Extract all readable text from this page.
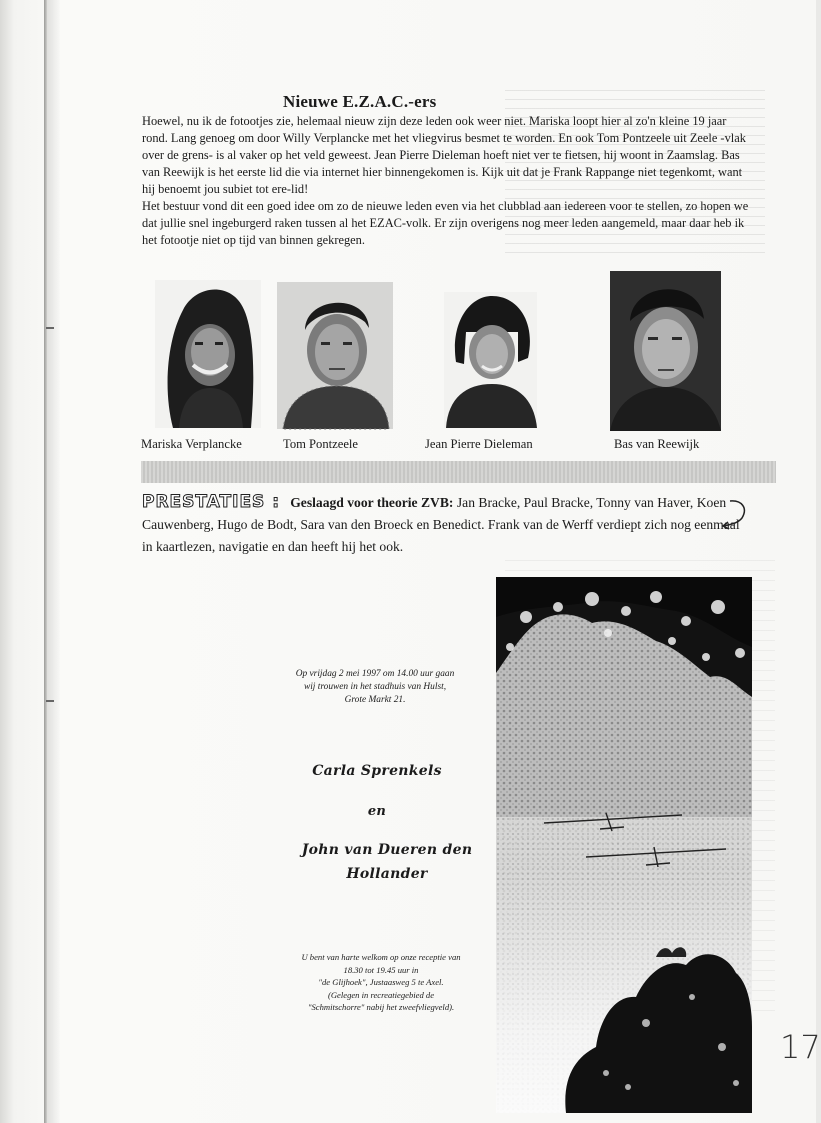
Nieuwe E.Z.A.C.-ers

Hoewel, nu ik de fotootjes zie, helemaal nieuw zijn deze leden ook weer niet. Mariska loopt hier al zo'n kleine 19 jaar rond. Lang genoeg om door Willy Verplancke met het vliegvirus besmet te worden. En ook Tom Pontzeele uit Zeele -vlak over de grens- is al vaker op het veld geweest. Jean Pierre Dieleman hoeft niet ver te fietsen, hij woont in Zaamslag. Bas van Reewijk is het eerste lid die via internet hier binnengekomen is. Kijk uit dat je Frank Rappange niet tegenkomt, want hij benoemt jou subiet tot ere-lid!

Het bestuur vond dit een goed idee om zo de nieuwe leden even via het clubblad aan iedereen voor te stellen, zo hopen we dat jullie snel ingeburgerd raken tussen al het EZAC-volk. Er zijn overigens nog meer leden aangemeld, maar daar heb ik het fotootje niet op tijd van binnen gekregen.

Mariska Verplancke	Tom Pontzeele	Jean Pierre Dieleman	Bas van Reewijk
PRESTATIES : Geslaagd voor theorie ZVB: Jan Bracke, Paul Bracke, Tonny van Haver, Koen Cauwenberg, Hugo de Bodt, Sara van den Broeck en Benedict. Frank van de Werff verdiept zich nog eenmaal in kaartlezen, navigatie en dan heeft hij het ook.
Op vrijdag 2 mei 1997 om 14.00 uur gaan
wij trouwen in het stadhuis van Hulst,
Grote Markt 21.
Carla Sprenkels
en
John van Dueren den
Hollander
U bent van harte welkom op onze receptie van
18.30 tot 19.45 uur in
"de Glijhoek", Justaasweg 5 te Axel.
(Gelegen in recreatiegebied de
"Schmitschorre" nabij het zweefvliegveld).
17
